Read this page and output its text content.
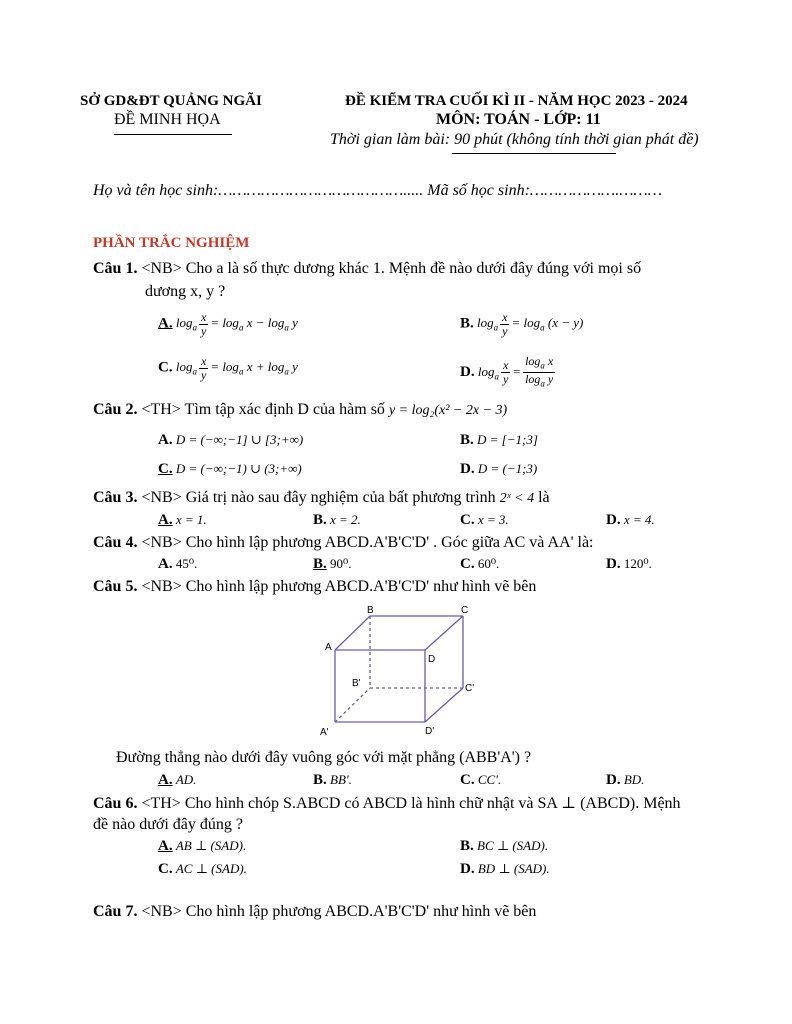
SỞ GD&ĐT QUẢNG NGÃI
ĐỀ MINH HỌA
ĐỀ KIỂM TRA CUỐI KÌ II - NĂM HỌC 2023 - 2024
MÔN: TOÁN - LỚP: 11
Thời gian làm bài: 90 phút (không tính thời gian phát đề)
Họ và tên học sinh:…………………………………..... Mã số học sinh:……………….………
PHẦN TRẮC NGHIỆM
Câu 1. <NB> Cho a là số thực dương khác 1. Mệnh đề nào dưới đây đúng với mọi số
dương x, y ?
A. $\log_a \frac{x}{y} = \log_a x - \log_a y$	B. $\log_a \frac{x}{y} = \log_a (x - y)$
C. $\log_a \frac{x}{y} = \log_a x + \log_a y$	D. $\log_a \frac{x}{y} = \frac{\log_a x}{\log_a y}$
Câu 2. <TH> Tìm tập xác định D của hàm số y = log₂(x² − 2x − 3)
A. D = (−∞;−1] ∪ [3;+∞)	B. D = [−1;3]
C. D = (−∞;−1) ∪ (3;+∞)	D. D = (−1;3)
Câu 3. <NB> Giá trị nào sau đây nghiệm của bất phương trình 2ˣ < 4 là
A. x = 1.	B. x = 2.	C. x = 3.	D. x = 4.
Câu 4. <NB> Cho hình lập phương ABCD.A'B'C'D' . Góc giữa AC và AA' là:
A. 45⁰.	B. 90⁰.	C. 60⁰.	D. 120⁰.
Câu 5. <NB> Cho hình lập phương ABCD.A'B'C'D' như hình vẽ bên
A
B	C
D
A'
B'	C'
D'
Đường thẳng nào dưới đây vuông góc với mặt phẳng (ABB'A') ?
A. AD.	B. BB'.	C. CC'.	D. BD.
Câu 6. <TH> Cho hình chóp S.ABCD có ABCD là hình chữ nhật và SA ⊥ (ABCD). Mệnh
đề nào dưới đây đúng ?
A. AB ⊥ (SAD).	B. BC ⊥ (SAD).
C. AC ⊥ (SAD).	D. BD ⊥ (SAD).
Câu 7. <NB> Cho hình lập phương ABCD.A'B'C'D' như hình vẽ bên
